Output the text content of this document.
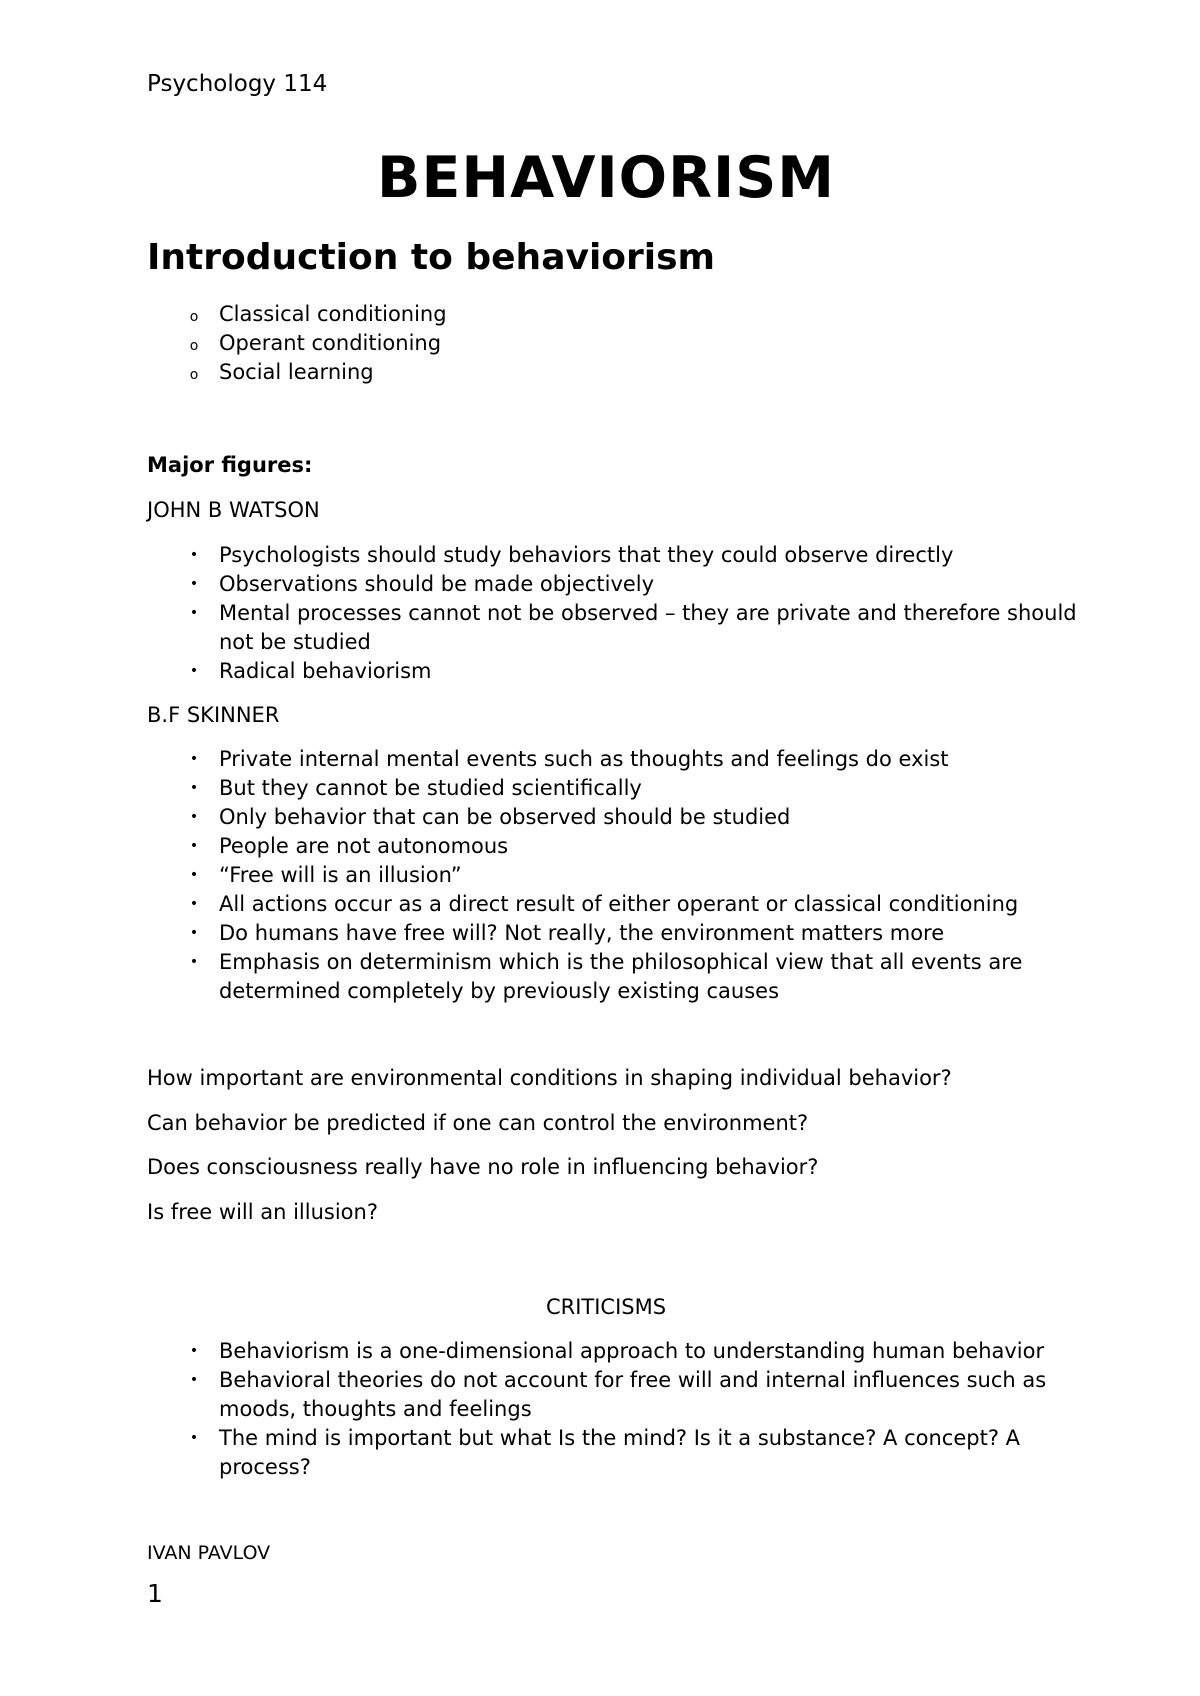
Psychology 114

BEHAVIORISM
Introduction to behaviorism
o Classical conditioning
o Operant conditioning
o Social learning

Major figures:

JOHN B WATSON

• Psychologists should study behaviors that they could observe directly
• Observations should be made objectively
• Mental processes cannot not be observed – they are private and therefore should not be studied
• Radical behaviorism

B.F SKINNER

• Private internal mental events such as thoughts and feelings do exist
• But they cannot be studied scientifically
• Only behavior that can be observed should be studied
• People are not autonomous
• “Free will is an illusion”
• All actions occur as a direct result of either operant or classical conditioning
• Do humans have free will? Not really, the environment matters more
• Emphasis on determinism which is the philosophical view that all events are determined completely by previously existing causes

How important are environmental conditions in shaping individual behavior?

Can behavior be predicted if one can control the environment?

Does consciousness really have no role in influencing behavior?

Is free will an illusion?

CRITICISMS

• Behaviorism is a one-dimensional approach to understanding human behavior
• Behavioral theories do not account for free will and internal influences such as moods, thoughts and feelings
• The mind is important but what Is the mind? Is it a substance? A concept? A process?

IVAN PAVLOV

1
